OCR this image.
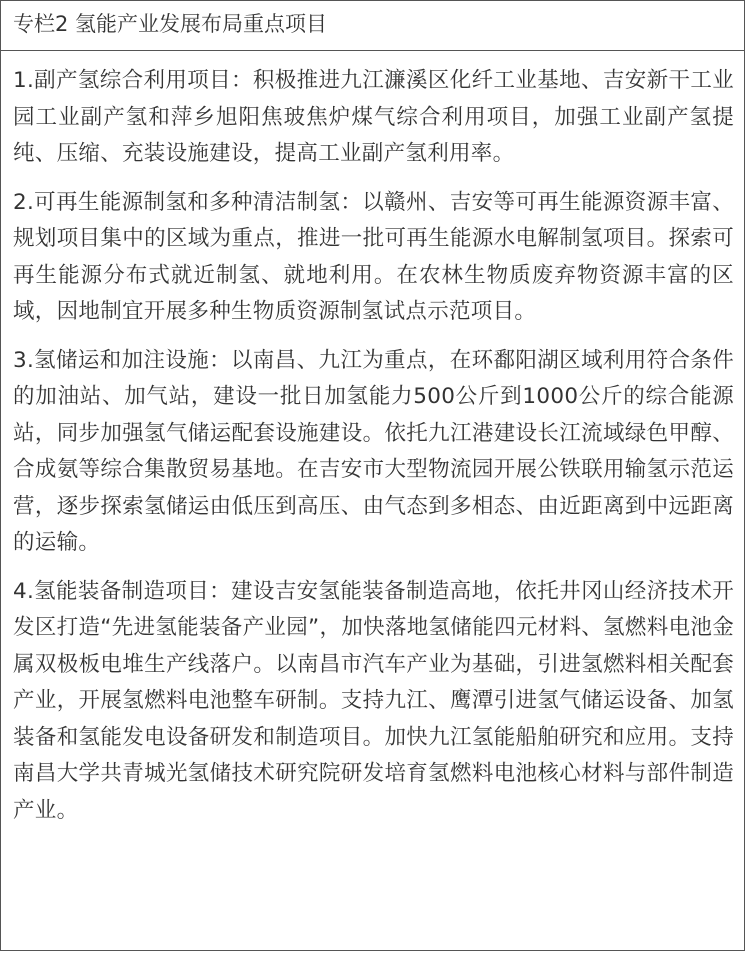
专栏2 氢能产业发展布局重点项目

1.副产氢综合利用项目：积极推进九江濂溪区化纤工业基地、吉安新干工业园工业副产氢和萍乡旭阳焦玻焦炉煤气综合利用项目，加强工业副产氢提纯、压缩、充装设施建设，提高工业副产氢利用率。

2.可再生能源制氢和多种清洁制氢：以赣州、吉安等可再生能源资源丰富、规划项目集中的区域为重点，推进一批可再生能源水电解制氢项目。探索可再生能源分布式就近制氢、就地利用。在农林生物质废弃物资源丰富的区域，因地制宜开展多种生物质资源制氢试点示范项目。

3.氢储运和加注设施：以南昌、九江为重点，在环鄱阳湖区域利用符合条件的加油站、加气站，建设一批日加氢能力500公斤到1000公斤的综合能源站，同步加强氢气储运配套设施建设。依托九江港建设长江流域绿色甲醇、合成氨等综合集散贸易基地。在吉安市大型物流园开展公铁联用输氢示范运营，逐步探索氢储运由低压到高压、由气态到多相态、由近距离到中远距离的运输。

4.氢能装备制造项目：建设吉安氢能装备制造高地，依托井冈山经济技术开发区打造“先进氢能装备产业园”，加快落地氢储能四元材料、氢燃料电池金属双极板电堆生产线落户。以南昌市汽车产业为基础，引进氢燃料相关配套产业，开展氢燃料电池整车研制。支持九江、鹰潭引进氢气储运设备、加氢装备和氢能发电设备研发和制造项目。加快九江氢能船舶研究和应用。支持南昌大学共青城光氢储技术研究院研发培育氢燃料电池核心材料与部件制造产业。
